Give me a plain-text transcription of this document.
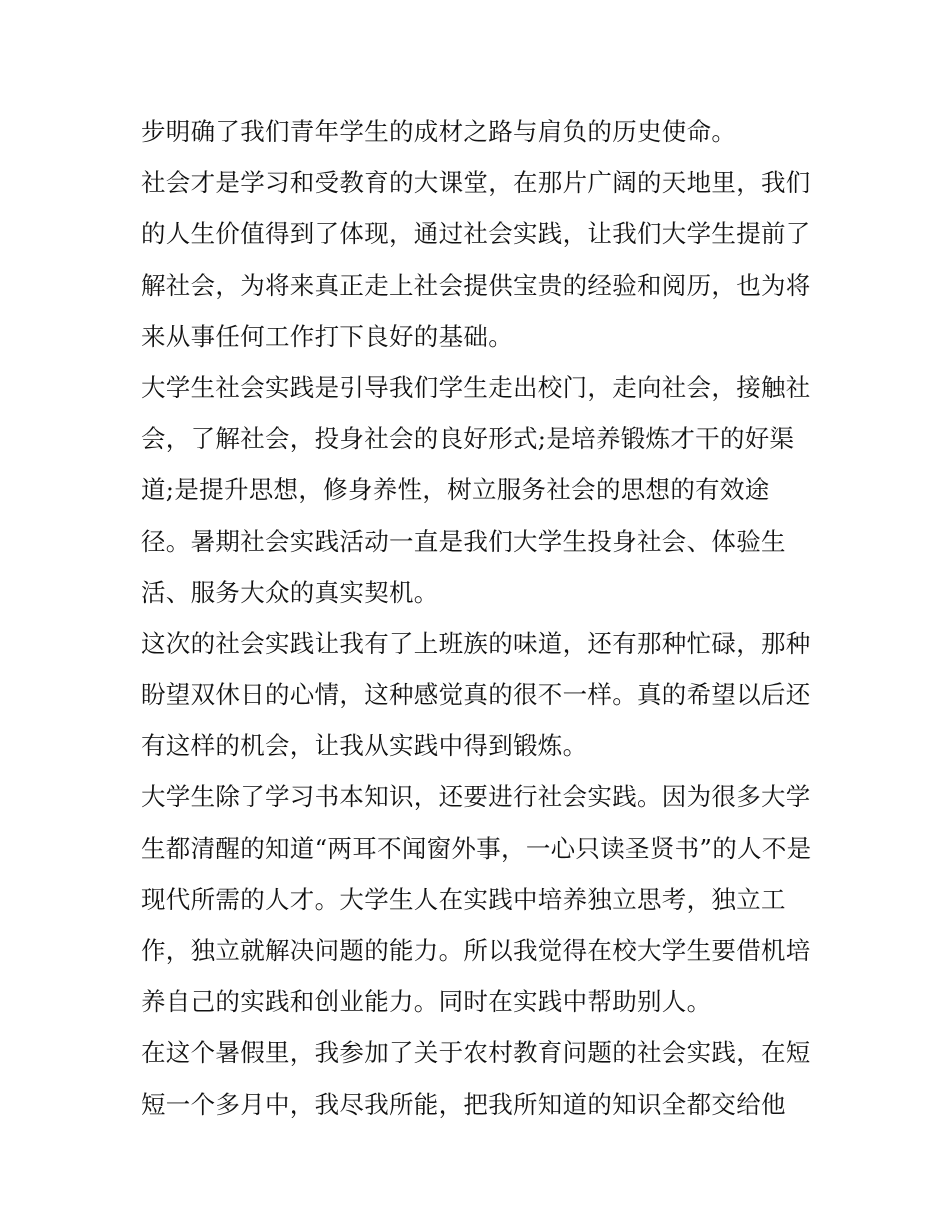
步明确了我们青年学生的成材之路与肩负的历史使命。
社会才是学习和受教育的大课堂，在那片广阔的天地里，我们
的人生价值得到了体现，通过社会实践，让我们大学生提前了
解社会，为将来真正走上社会提供宝贵的经验和阅历，也为将
来从事任何工作打下良好的基础。
大学生社会实践是引导我们学生走出校门，走向社会，接触社
会，了解社会，投身社会的良好形式;是培养锻炼才干的好渠
道;是提升思想，修身养性，树立服务社会的思想的有效途
径。暑期社会实践活动一直是我们大学生投身社会、体验生
活、服务大众的真实契机。
这次的社会实践让我有了上班族的味道，还有那种忙碌，那种
盼望双休日的心情，这种感觉真的很不一样。真的希望以后还
有这样的机会，让我从实践中得到锻炼。
大学生除了学习书本知识，还要进行社会实践。因为很多大学
生都清醒的知道“两耳不闻窗外事，一心只读圣贤书”的人不是
现代所需的人才。大学生人在实践中培养独立思考，独立工
作，独立就解决问题的能力。所以我觉得在校大学生要借机培
养自己的实践和创业能力。同时在实践中帮助别人。
在这个暑假里，我参加了关于农村教育问题的社会实践，在短
短一个多月中，我尽我所能，把我所知道的知识全都交给他
